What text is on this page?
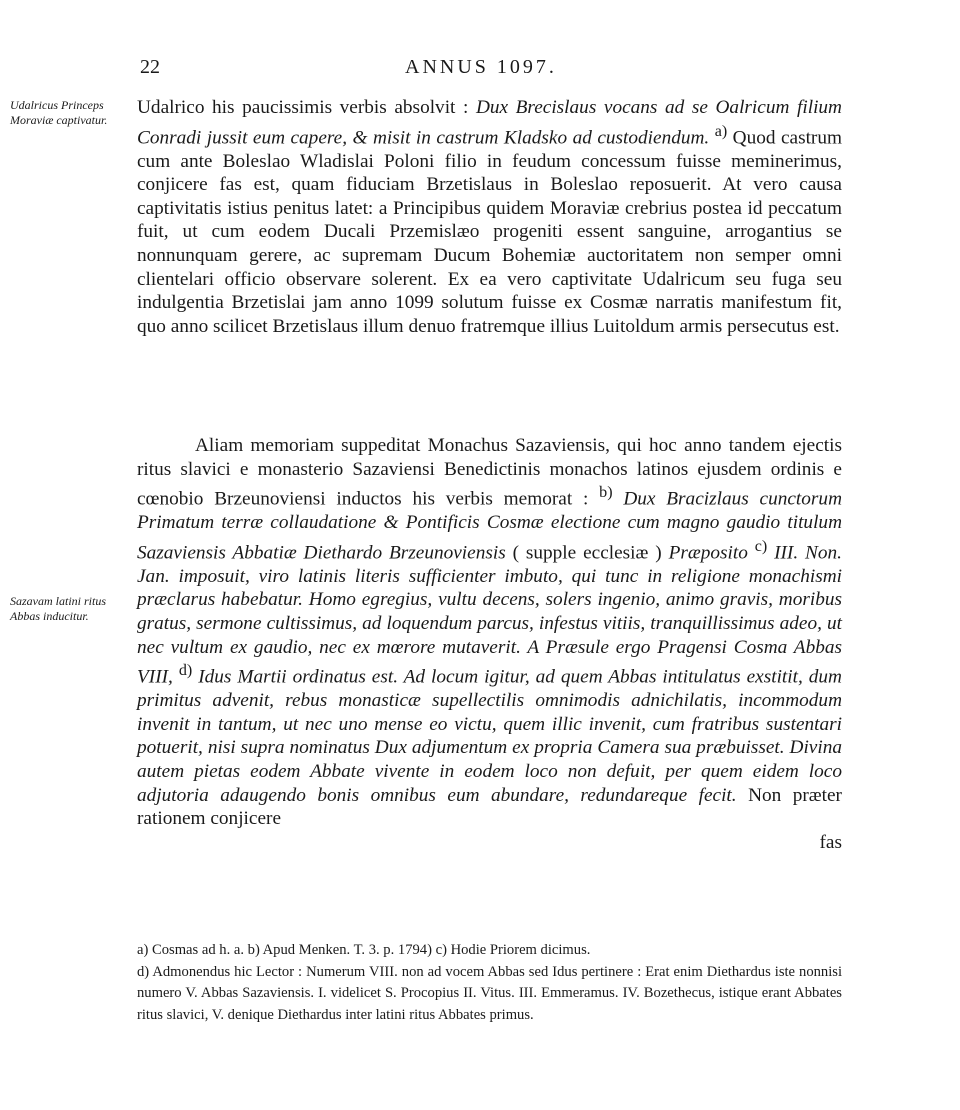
22	ANNUS 1097.
Udalricus Princeps Moraviæ captivatur.
Sazavam latini ritus Abbas inducitur.

Udalrico his paucissimis verbis absolvit : Dux Brecislaus vocans ad se Oalricum filium Conradi jussit eum capere, & misit in castrum Kladsko ad custodiendum. $^{a)}$ Quod castrum cum ante Boleslao Wladislai Poloni filio in feudum concessum fuisse meminerimus, conjicere fas est, quam fiduciam Brzetislaus in Boleslao reposuerit. At vero causa captivitatis istius penitus latet: a Principibus quidem Moraviæ crebrius postea id peccatum fuit, ut cum eodem Ducali Przemislæo progeniti essent sanguine, arrogantius se nonnunquam gerere, ac supremam Ducum Bohemiæ auctoritatem non semper omni clientelari officio observare solerent. Ex ea vero captivitate Udalricum seu fuga seu indulgentia Brzetislai jam anno 1099 solutum fuisse ex Cosmæ narratis manifestum fit, quo anno scilicet Brzetislaus illum denuo fratremque illius Luitoldum armis persecutus est.

Aliam memoriam suppeditat Monachus Sazaviensis, qui hoc anno tandem ejectis ritus slavici e monasterio Sazaviensi Benedictinis monachos latinos ejusdem ordinis e cœnobio Brzeunoviensi inductos his verbis memorat : $^{b)}$ Dux Bracizlaus cunctorum Primatum terræ collaudatione & Pontificis Cosmæ electione cum magno gaudio titulum Sazaviensis Abbatiæ Diethardo Brzeunoviensis ( supple ecclesiæ ) Præposito $^{c)}$ III. Non. Jan. imposuit, viro latinis literis sufficienter imbuto, qui tunc in religione monachismi præclarus habebatur. Homo egregius, vultu decens, solers ingenio, animo gravis, moribus gratus, sermone cultissimus, ad loquendum parcus, infestus vitiis, tranquillissimus adeo, ut nec vultum ex gaudio, nec ex mœrore mutaverit. A Præsule ergo Pragensi Cosma Abbas VIII, $^{d)}$ Idus Martii ordinatus est. Ad locum igitur, ad quem Abbas intitulatus exstitit, dum primitus advenit, rebus monasticæ supellectilis omnimodis adnichilatis, incommodum invenit in tantum, ut nec uno mense eo victu, quem illic invenit, cum fratribus sustentari potuerit, nisi supra nominatus Dux adjumentum ex propria Camera sua præbuisset. Divina autem pietas eodem Abbate vivente in eodem loco non defuit, per quem eidem loco adjutoria adaugendo bonis omnibus eum abundare, redundareque fecit. Non præter rationem conjicere

fas

a) Cosmas ad h. a. b) Apud Menken. T. 3. p. 1794) c) Hodie Priorem dicimus.

d) Admonendus hic Lector : Numerum VIII. non ad vocem Abbas sed Idus pertinere : Erat enim Diethardus iste nonnisi numero V. Abbas Sazaviensis. I. videlicet S. Procopius II. Vitus. III. Emmeramus. IV. Bozethecus, istique erant Abbates ritus slavici, V. denique Diethardus inter latini ritus Abbates primus.
